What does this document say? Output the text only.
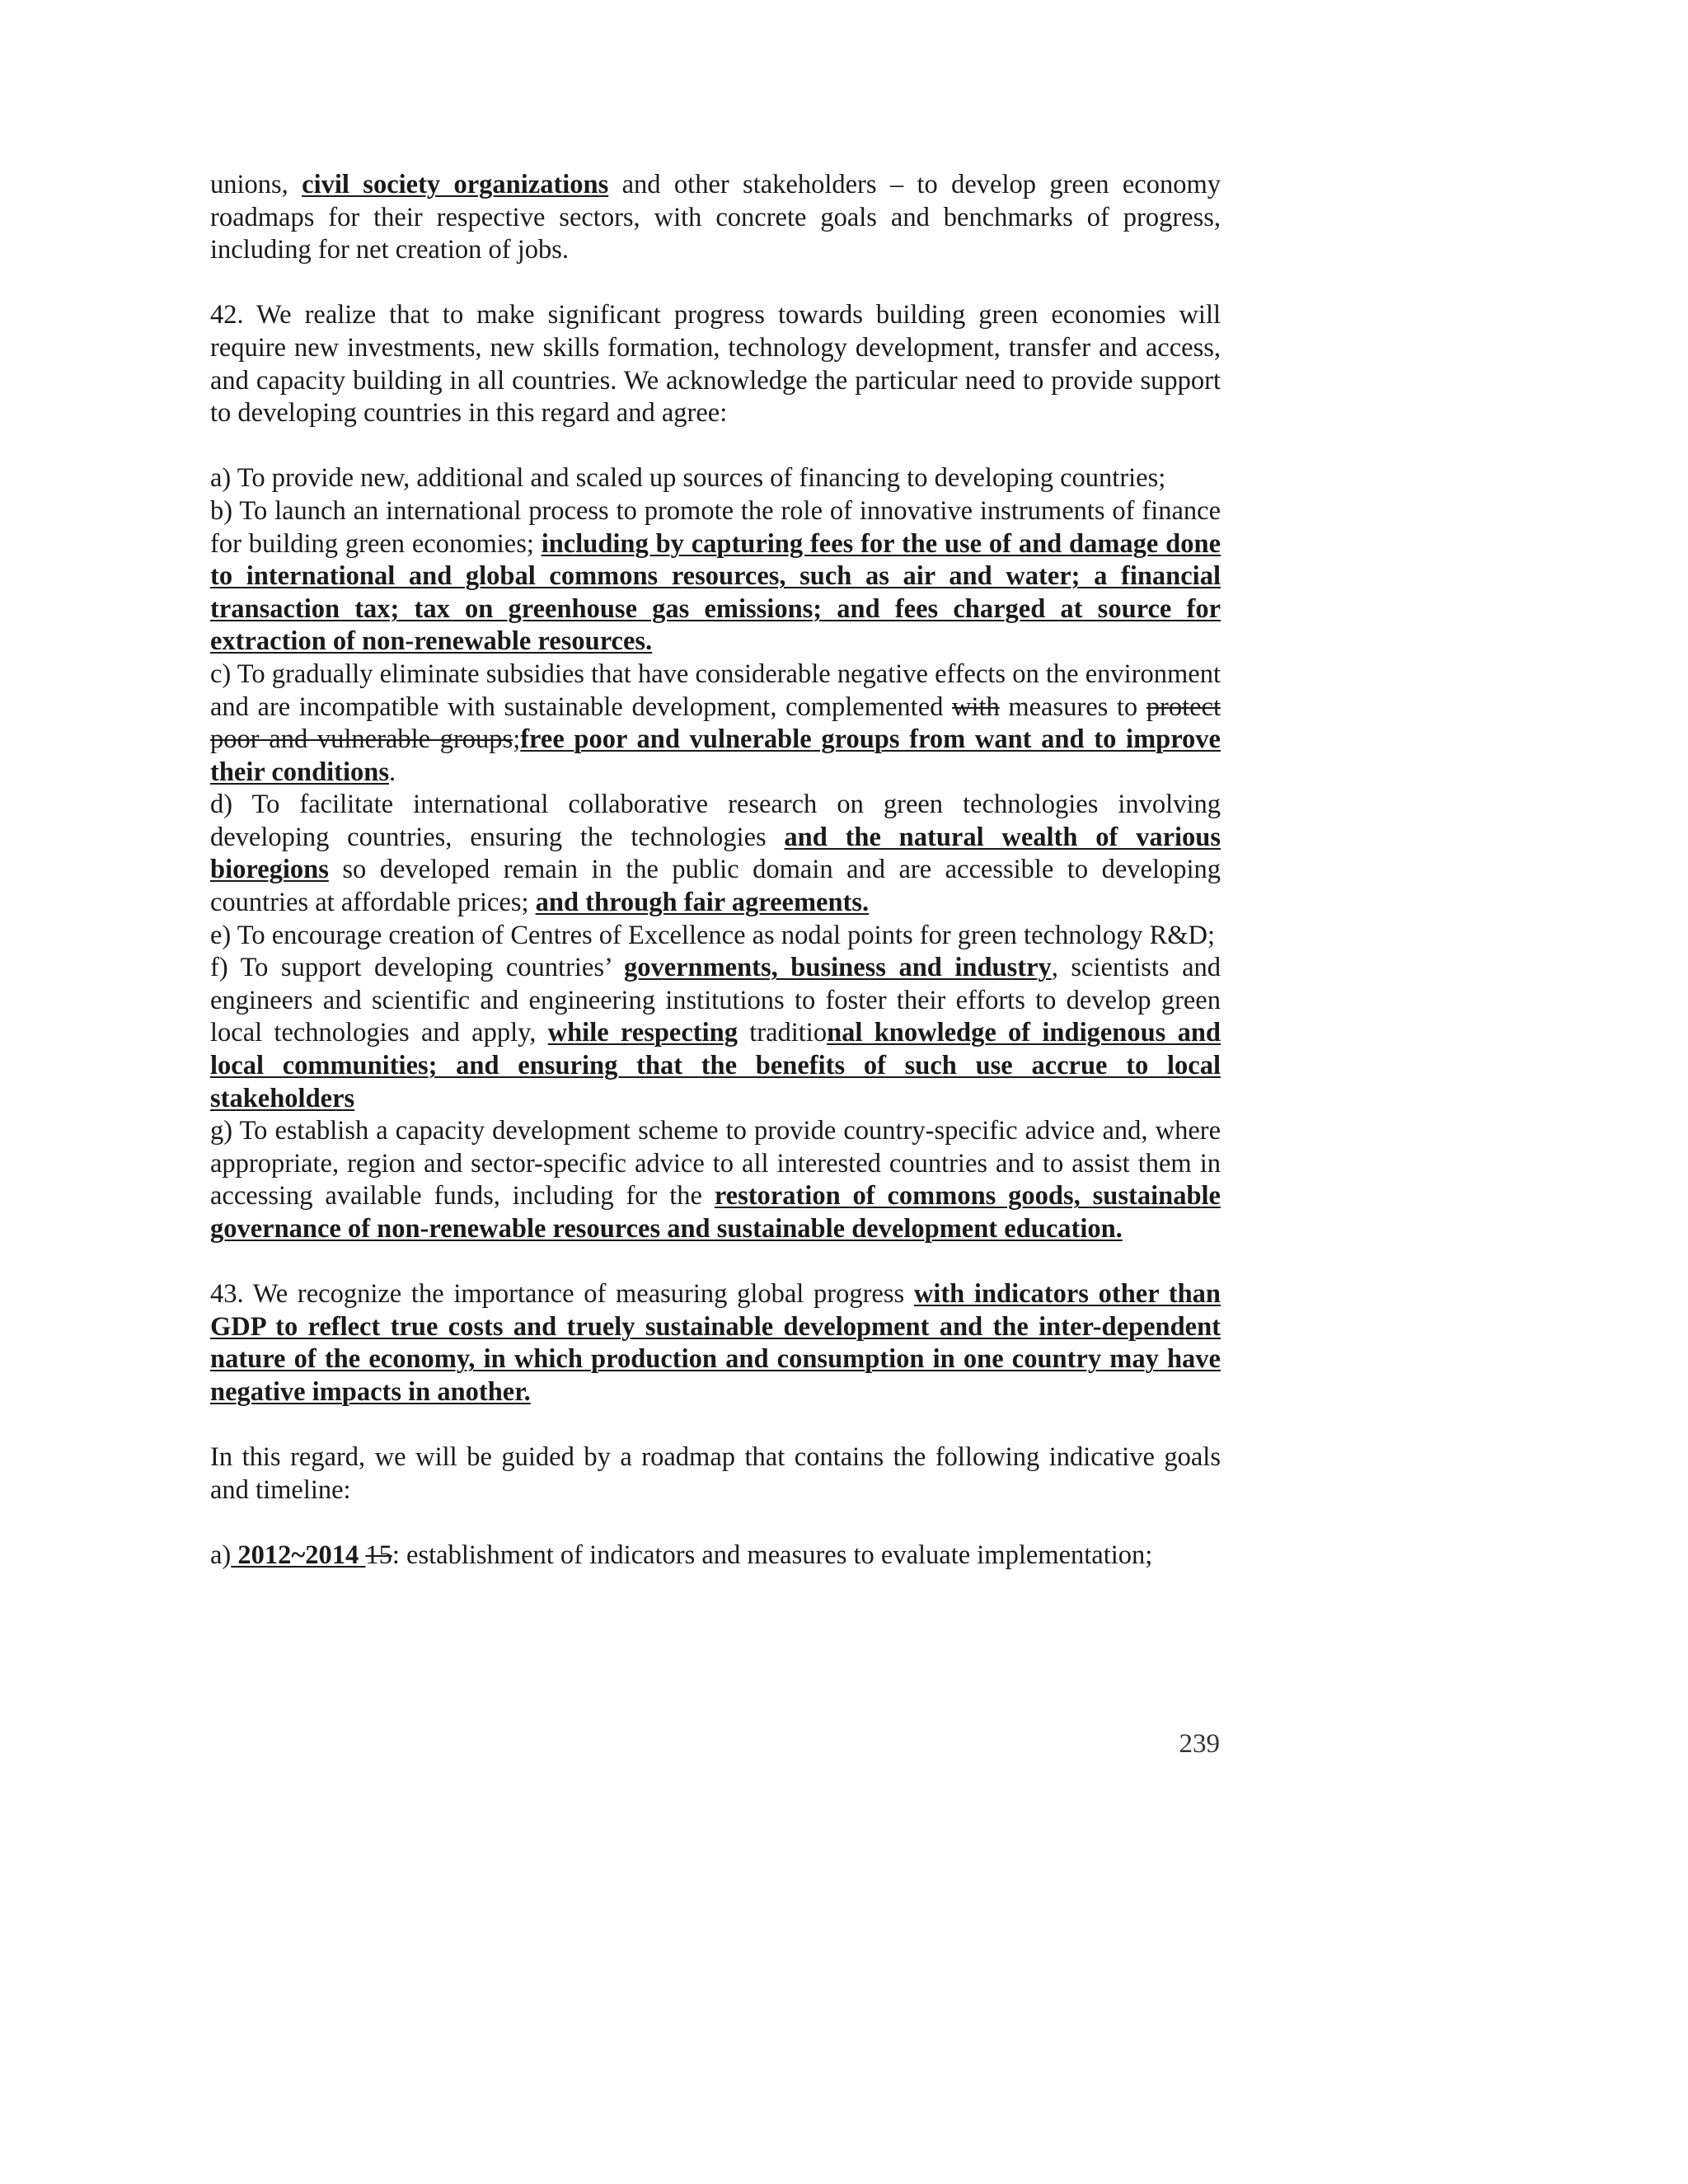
unions, civil society organizations and other stakeholders – to develop green economy roadmaps for their respective sectors, with concrete goals and benchmarks of progress, including for net creation of jobs.

42. We realize that to make significant progress towards building green economies will require new investments, new skills formation, technology development, transfer and access, and capacity building in all countries. We acknowledge the particular need to provide support to developing countries in this regard and agree:

a) To provide new, additional and scaled up sources of financing to developing countries;

b) To launch an international process to promote the role of innovative instruments of finance for building green economies; including by capturing fees for the use of and damage done to international and global commons resources, such as air and water; a financial transaction tax; tax on greenhouse gas emissions; and fees charged at source for extraction of non-renewable resources.

c) To gradually eliminate subsidies that have considerable negative effects on the environment and are incompatible with sustainable development, complemented with measures to protect poor and vulnerable groups;free poor and vulnerable groups from want and to improve their conditions.

d) To facilitate international collaborative research on green technologies involving developing countries, ensuring the technologies and the natural wealth of various bioregions so developed remain in the public domain and are accessible to developing countries at affordable prices; and through fair agreements.

e) To encourage creation of Centres of Excellence as nodal points for green technology R&D;

f) To support developing countries’ governments, business and industry, scientists and engineers and scientific and engineering institutions to foster their efforts to develop green local technologies and apply, while respecting traditional knowledge of indigenous and local communities; and ensuring that the benefits of such use accrue to local stakeholders

g) To establish a capacity development scheme to provide country-specific advice and, where appropriate, region and sector-specific advice to all interested countries and to assist them in accessing available funds, including for the restoration of commons goods, sustainable governance of non-renewable resources and sustainable development education.

43. We recognize the importance of measuring global progress with indicators other than GDP to reflect true costs and truely sustainable development and the inter-dependent nature of the economy, in which production and consumption in one country may have negative impacts in another.

In this regard, we will be guided by a roadmap that contains the following indicative goals and timeline:

a) 2012~2014 15: establishment of indicators and measures to evaluate implementation;

239
